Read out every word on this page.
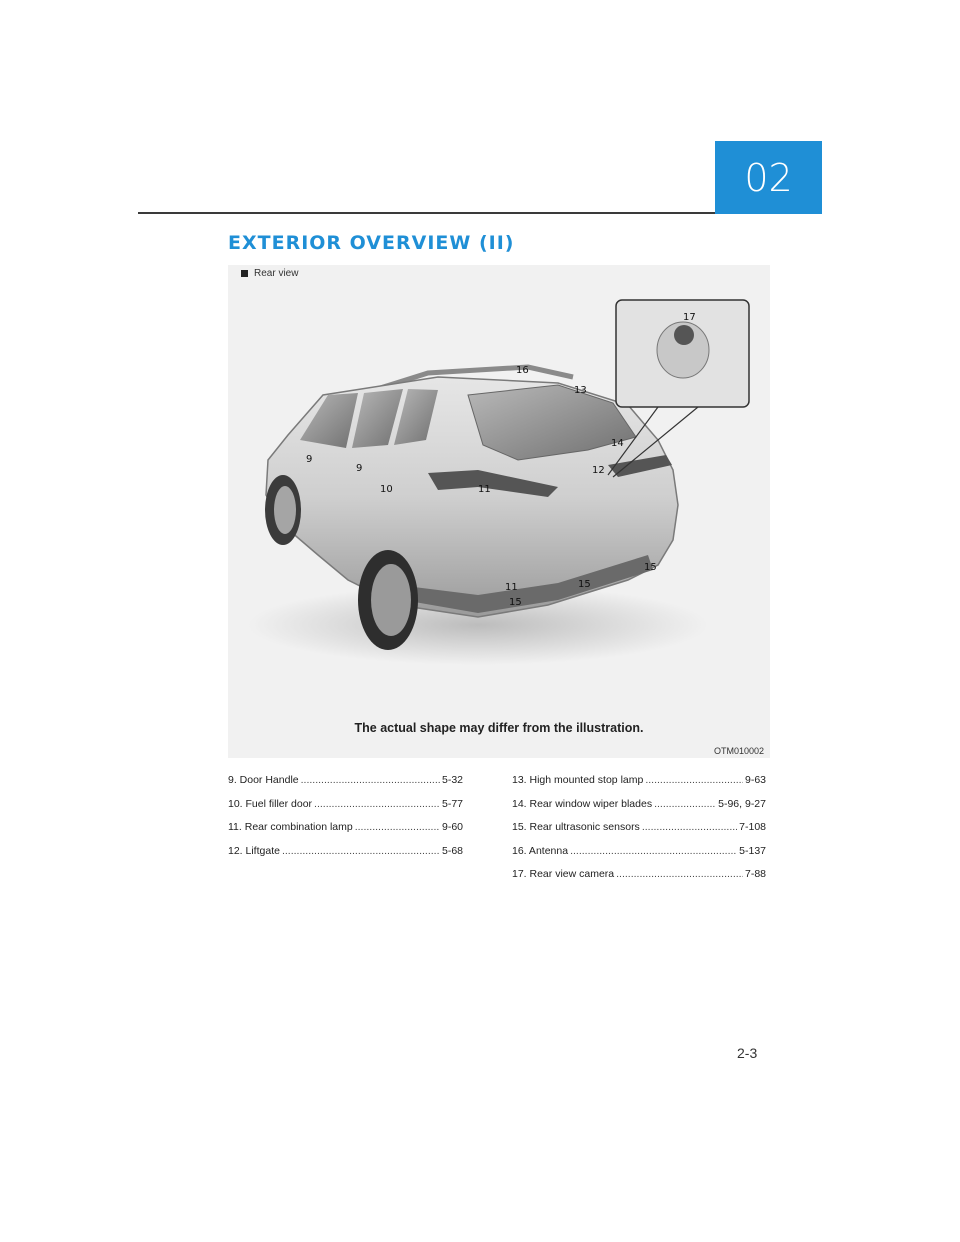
02
EXTERIOR OVERVIEW (II)
9
9
10	11
11
12
13
14
15
15
15
16
17
Rear view
The actual shape may differ from the illustration.
OTM010002
9. Door Handle .....	5-32
10. Fuel filler door .....	5-77
11. Rear combination lamp .....	9-60
12. Liftgate .....	5-68
13. High mounted stop lamp .....	9-63
14. Rear window wiper blades .....	5-96, 9-27
15. Rear ultrasonic sensors .....	7-108
16. Antenna .....	5-137
17. Rear view camera .....	7-88
2-3
